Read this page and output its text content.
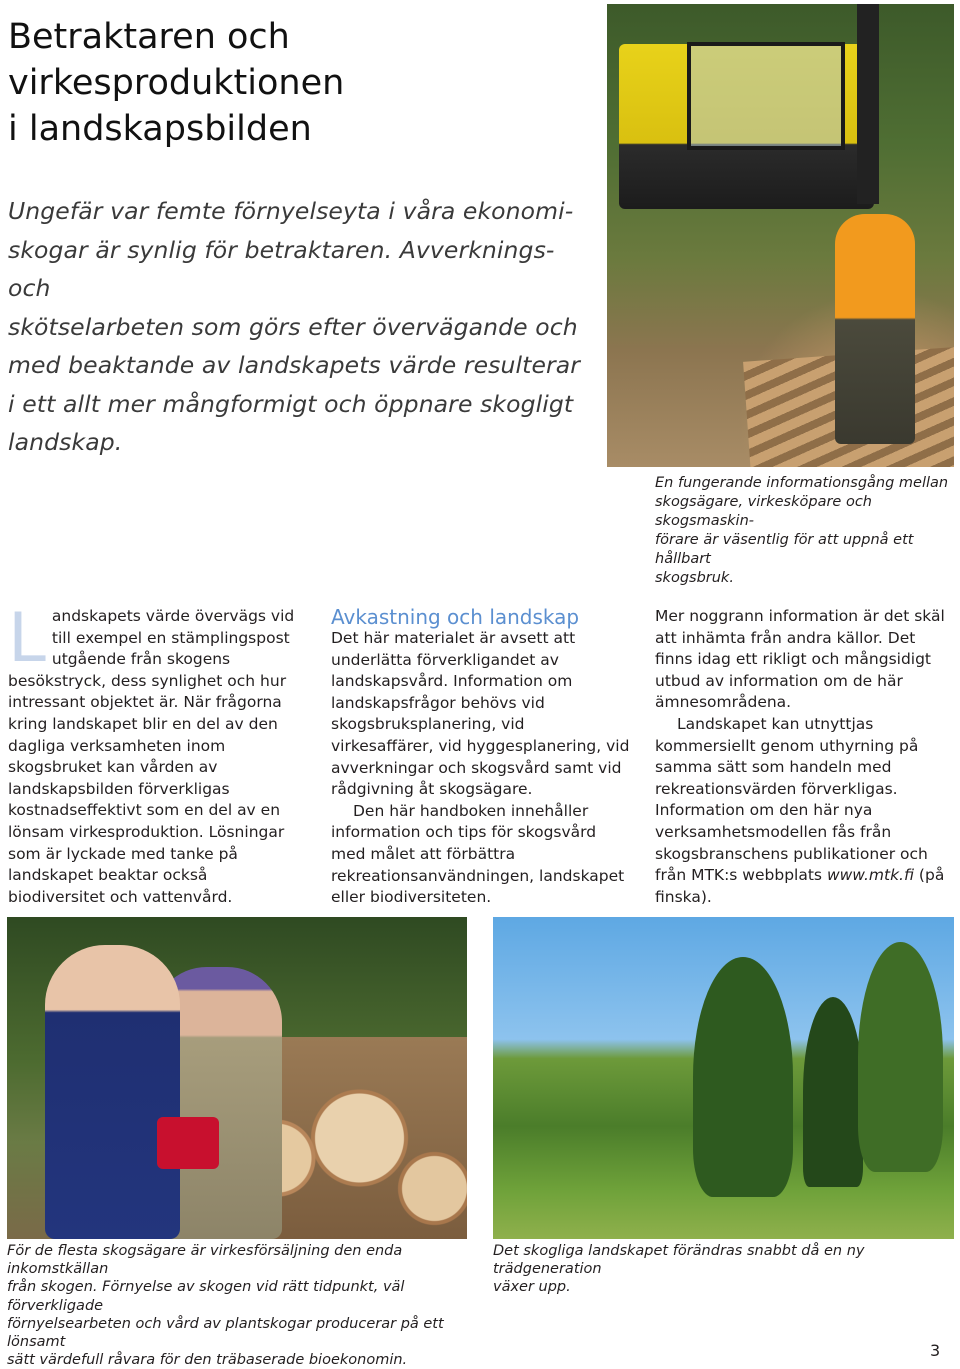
Betraktaren och
virkesproduktionen
i landskapsbilden
Ungefär var femte förnyelseyta i våra ekonomi-
skogar är synlig för betraktaren. Avverknings- och
skötselarbeten som görs efter övervägande och
med beaktande av landskapets värde resulterar
i ett allt mer mångformigt och öppnare skogligt
landskap.
En fungerande informationsgång mellan
skogsägare, virkesköpare och skogsmaskin-
förare är väsentlig för att uppnå ett hållbart
skogsbruk.

Landskapets värde övervägs vid till exempel en stämplingspost utgående från skogens besökstryck, dess synlighet och hur intressant objektet är. När frågorna kring landskapet blir en del av den dagliga verksamheten inom skogsbruket kan vården av landskapsbilden förverkligas kostnadseffektivt som en del av en lönsam virkesproduktion. Lösningar som är lyckade med tanke på landskapet beaktar också biodiversitet och vattenvård.

Avkastning och landskap

Det här materialet är avsett att underlätta förverkligandet av landskapsvård. Information om landskapsfrågor behövs vid skogsbruksplanering, vid virkesaffärer, vid hyggesplanering, vid avverkningar och skogsvård samt vid rådgivning åt skogsägare.

Den här handboken innehåller information och tips för skogsvård med målet att förbättra rekreationsanvändningen, landskapet eller biodiversiteten.

Mer noggrann information är det skäl att inhämta från andra källor. Det finns idag ett rikligt och mångsidigt utbud av information om de här ämnesområdena.

Landskapet kan utnyttjas kommersiellt genom uthyrning på samma sätt som handeln med rekreationsvärden förverkligas. Information om den här nya verksamhetsmodellen fås från skogsbranschens publikationer och från MTK:s webbplats www.mtk.fi (på finska).

För de flesta skogsägare är virkesförsäljning den enda inkomstkällan
från skogen. Förnyelse av skogen vid rätt tidpunkt, väl förverkligade
förnyelsearbeten och vård av plantskogar producerar på ett lönsamt
sätt värdefull råvara för den träbaserade bioekonomin.
Det skogliga landskapet förändras snabbt då en ny trädgeneration
växer upp.
3
